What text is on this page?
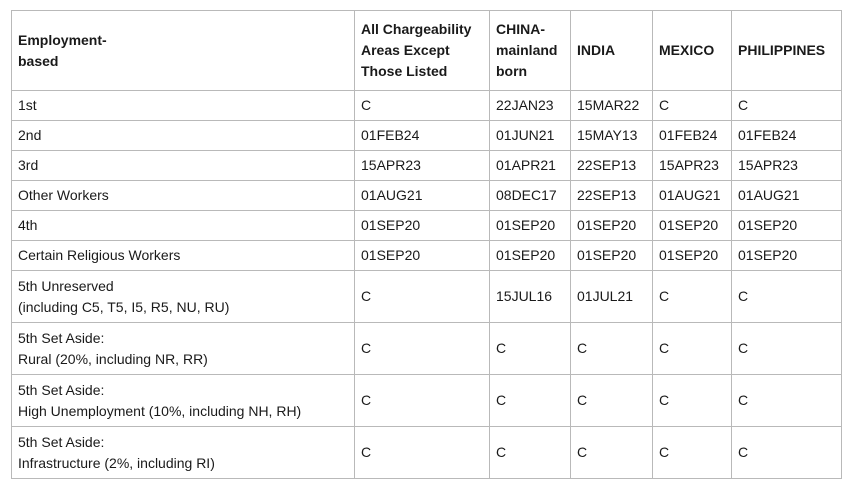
Employment-
based	All Chargeability
Areas Except
Those Listed	CHINA-
mainland
born	INDIA	MEXICO	PHILIPPINES

1st	C	22JAN23	15MAR22	C	C

2nd	01FEB24	01JUN21	15MAY13	01FEB24	01FEB24

3rd	15APR23	01APR21	22SEP13	15APR23	15APR23

Other Workers	01AUG21	08DEC17	22SEP13	01AUG21	01AUG21

4th	01SEP20	01SEP20	01SEP20	01SEP20	01SEP20

Certain Religious Workers	01SEP20	01SEP20	01SEP20	01SEP20	01SEP20

5th Unreserved
(including C5, T5, I5, R5, NU, RU)	C	15JUL16	01JUL21	C	C

5th Set Aside:
Rural (20%, including NR, RR)	C	C	C	C	C

5th Set Aside:
High Unemployment (10%, including NH, RH)	C	C	C	C	C

5th Set Aside:
Infrastructure (2%, including RI)	C	C	C	C	C
